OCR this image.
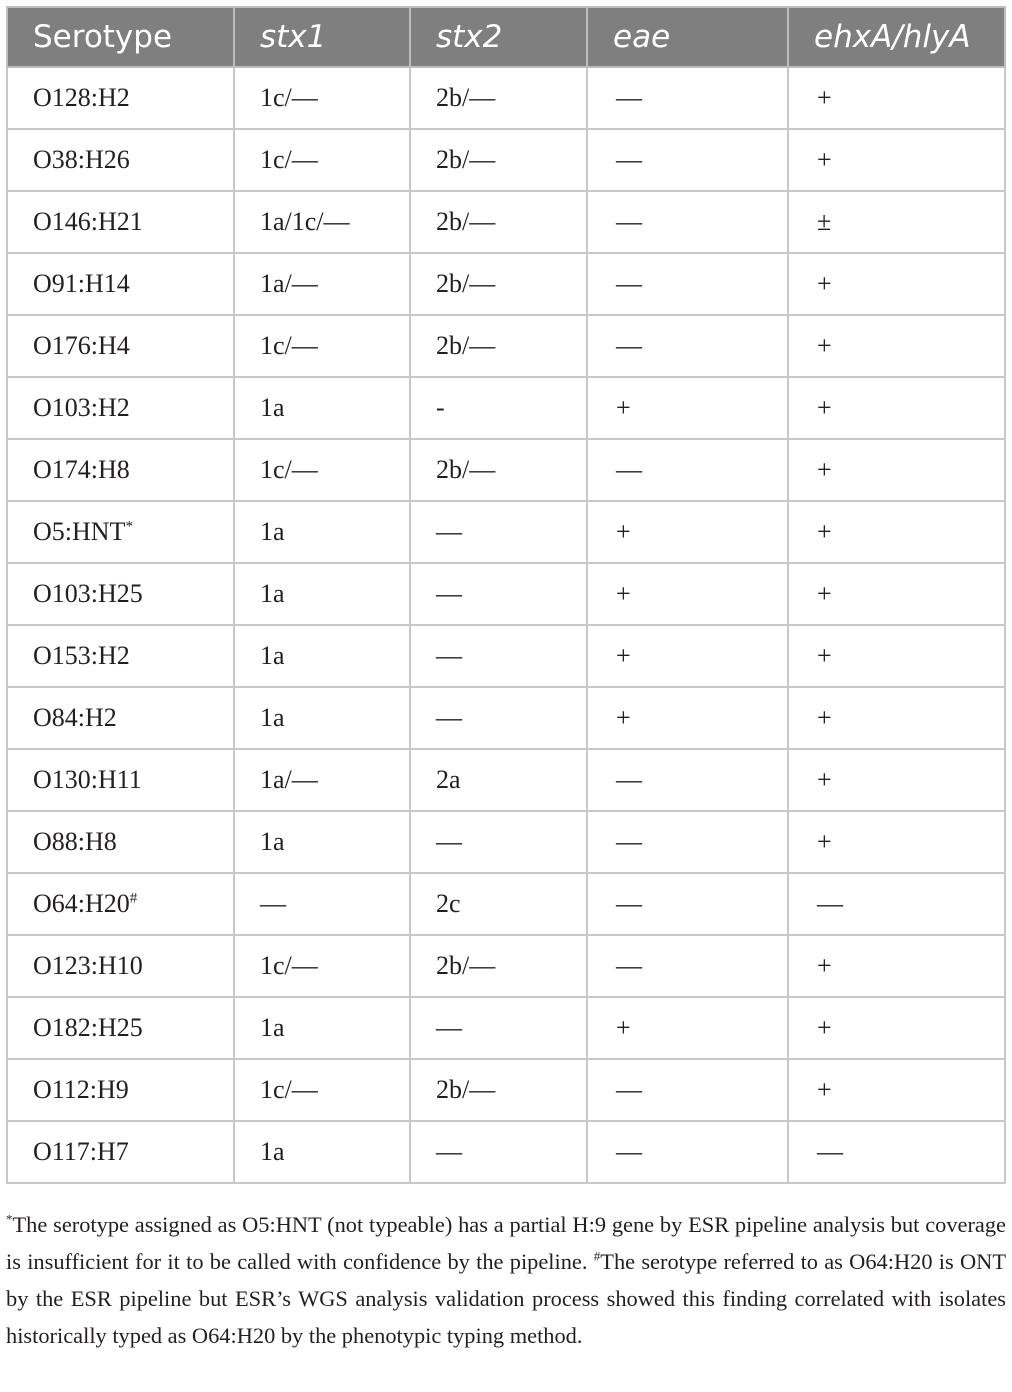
Serotype	stx1	stx2	eae	ehxA/hlyA
O128:H2	1c/—	2b/—	—	+
O38:H26	1c/—	2b/—	—	+
O146:H21	1a/1c/—	2b/—	—	±
O91:H14	1a/—	2b/—	—	+
O176:H4	1c/—	2b/—	—	+
O103:H2	1a	-	+	+
O174:H8	1c/—	2b/—	—	+
O5:HNT*	1a	—	+	+
O103:H25	1a	—	+	+
O153:H2	1a	—	+	+
O84:H2	1a	—	+	+
O130:H11	1a/—	2a	—	+
O88:H8	1a	—	—	+
O64:H20#	—	2c	—	—
O123:H10	1c/—	2b/—	—	+
O182:H25	1a	—	+	+
O112:H9	1c/—	2b/—	—	+
O117:H7	1a	—	—	—

*The serotype assigned as O5:HNT (not typeable) has a partial H:9 gene by ESR pipeline analysis but coverage is insufficient for it to be called with confidence by the pipeline. #The serotype referred to as O64:H20 is ONT by the ESR pipeline but ESR’s WGS analysis validation process showed this finding correlated with isolates historically typed as O64:H20 by the phenotypic typing method.
